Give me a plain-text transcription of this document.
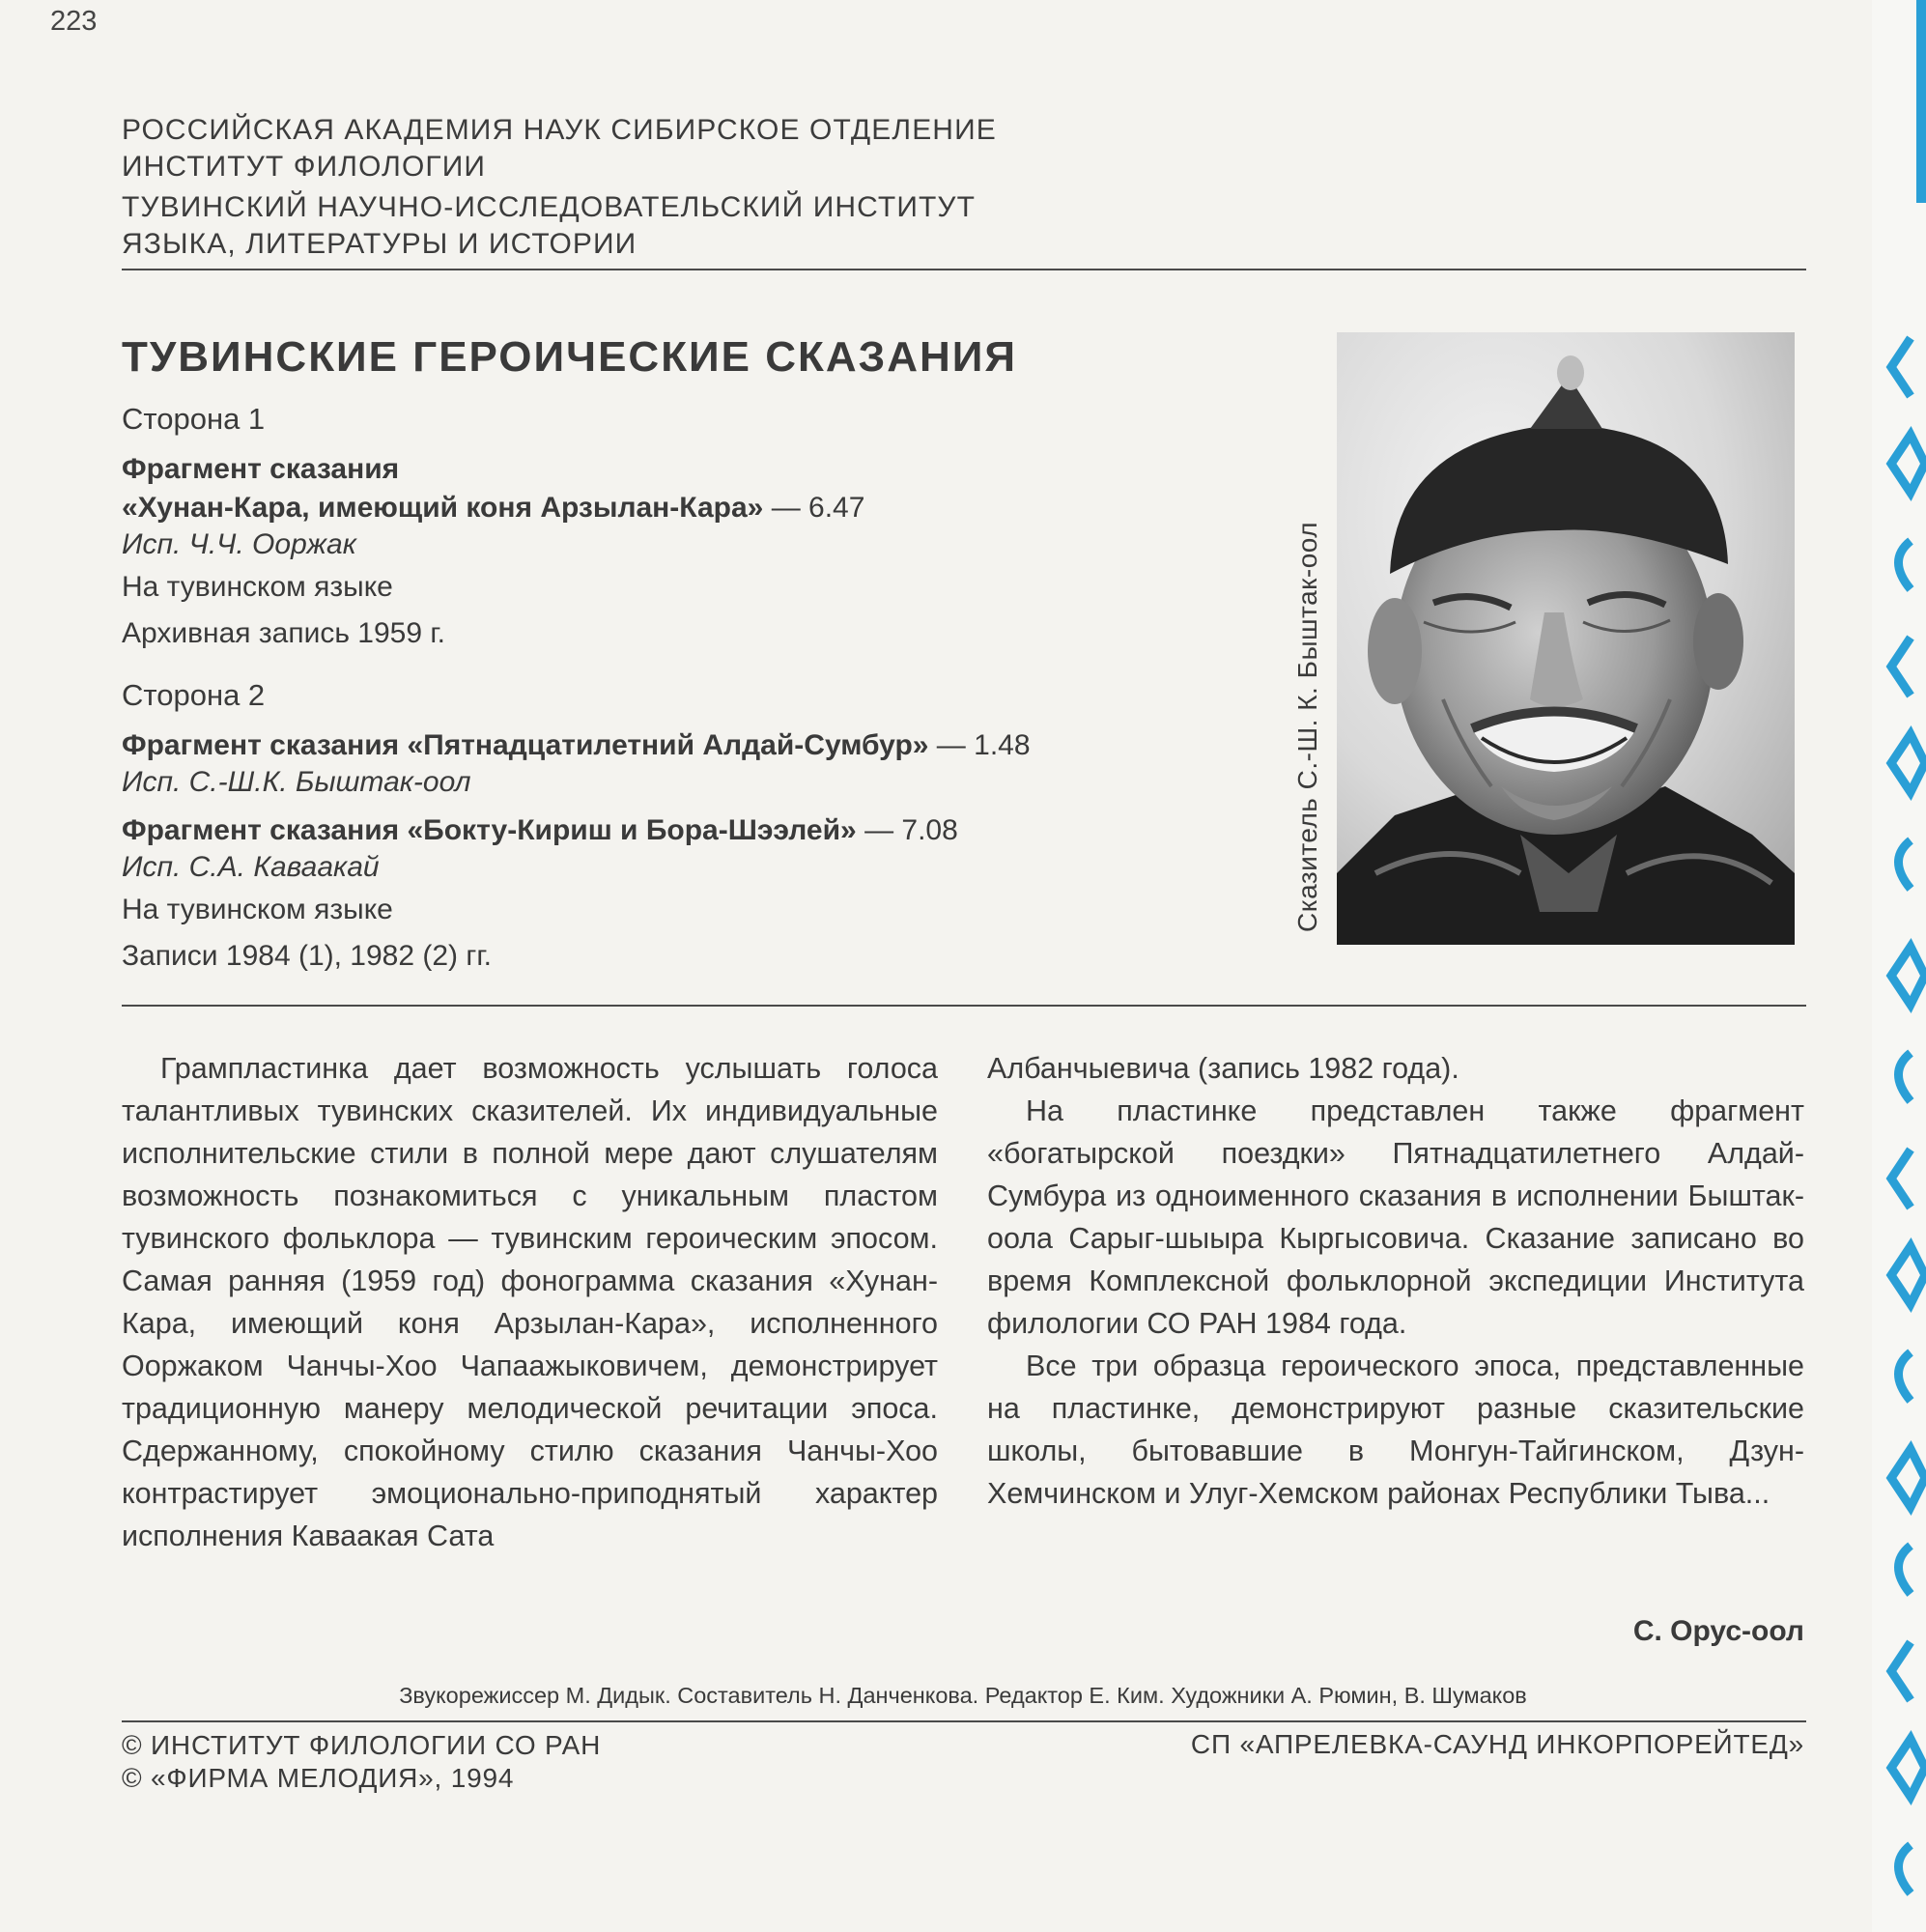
223
РОССИЙСКАЯ АКАДЕМИЯ НАУК СИБИРСКОЕ ОТДЕЛЕНИЕ
ИНСТИТУТ ФИЛОЛОГИИ
ТУВИНСКИЙ НАУЧНО-ИССЛЕДОВАТЕЛЬСКИЙ ИНСТИТУТ
ЯЗЫКА, ЛИТЕРАТУРЫ И ИСТОРИИ
ТУВИНСКИЕ ГЕРОИЧЕСКИЕ СКАЗАНИЯ
Сторона 1
Фрагмент сказания
«Хунан-Кара, имеющий коня Арзылан-Кара» — 6.47
Исп. Ч.Ч. Ооржак
На тувинском языке
Архивная запись 1959 г.
Сторона 2
Фрагмент сказания «Пятнадцатилетний Алдай-Сумбур» — 1.48
Исп. С.-Ш.К. Быштак-оол
Фрагмент сказания «Бокту-Кириш и Бора-Шээлей» — 7.08
Исп. С.А. Каваакай
На тувинском языке
Записи 1984 (1), 1982 (2) гг.
Сказитель С.-Ш. К. Быштак-оол

Грампластинка дает возможность услышать голоса талантливых тувинских сказителей. Их индивидуальные исполнительские стили в полной мере дают слушателям возможность познакомиться с уникальным пластом тувинского фольклора — тувинским героическим эпосом. Самая ранняя (1959 год) фонограмма сказания «Хунан-Кара, имеющий коня Арзылан-Кара», исполненного Ооржаком Чанчы-Хоо Чапаажыковичем, демонстрирует традиционную манеру мелодической речитации эпоса. Сдержанному, спокойному стилю сказания Чанчы-Хоо контрастирует эмоционально-приподнятый характер исполнения Каваакая Сата

Албанчыевича (запись 1982 года).

На пластинке представлен также фрагмент «богатырской поездки» Пятнадцатилетнего Алдай-Сумбура из одноименного сказания в исполнении Быштак-оола Сарыг-шыыра Кыргысовича. Сказание записано во время Комплексной фольклорной экспедиции Института филологии СО РАН 1984 года.

Все три образца героического эпоса, представленные на пластинке, демонстрируют разные сказительские школы, бытовавшие в Монгун-Тайгинском, Дзун-Хемчинском и Улуг-Хемском районах Республики Тыва...

С. Орус-оол
Звукорежиссер М. Дидык. Составитель Н. Данченкова. Редактор Е. Ким. Художники А. Рюмин, В. Шумаков
© ИНСТИТУТ ФИЛОЛОГИИ СО РАН
© «ФИРМА МЕЛОДИЯ», 1994
СП «АПРЕЛЕВКА-САУНД ИНКОРПОРЕЙТЕД»
